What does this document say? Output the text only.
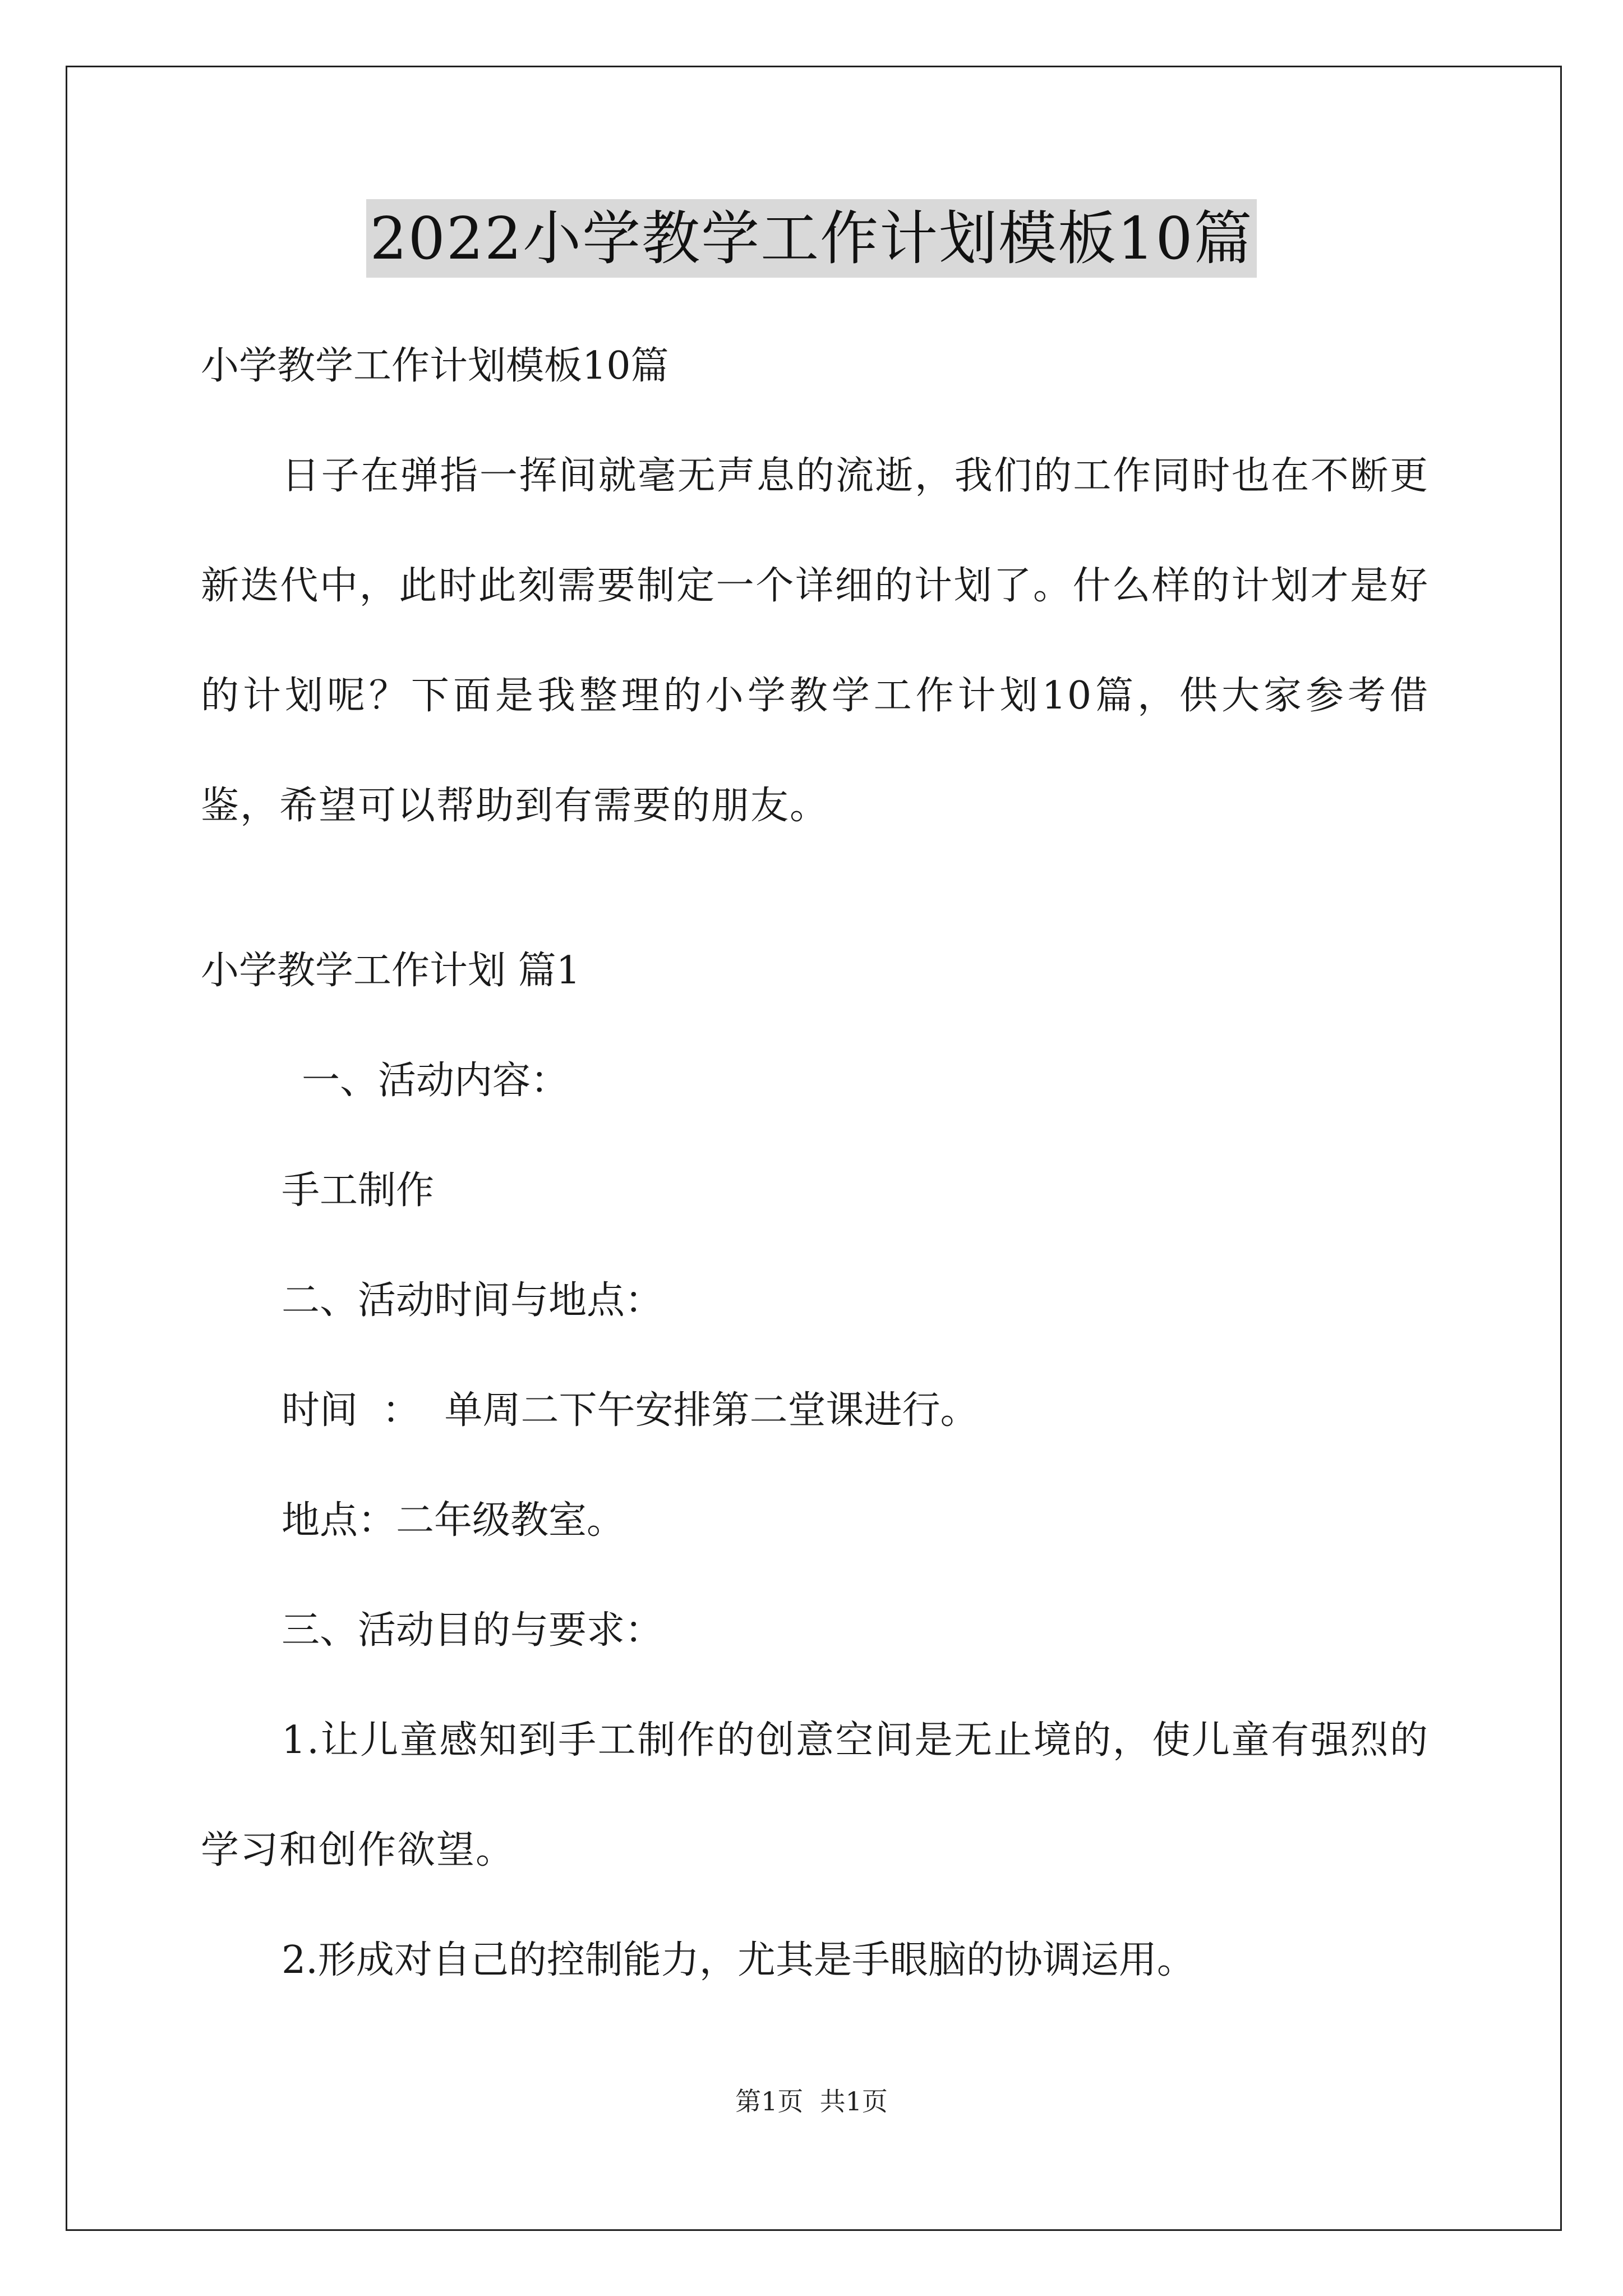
2022小学教学工作计划模板10篇
小学教学工作计划模板10篇
日子在弹指一挥间就毫无声息的流逝，我们的工作同时也在不断更新迭代中，此时此刻需要制定一个详细的计划了。什么样的计划才是好的计划呢？下面是我整理的小学教学工作计划10篇，供大家参考借鉴，希望可以帮助到有需要的朋友。
小学教学工作计划 篇1
一、活动内容：
手工制作
二、活动时间与地点：
时间  ：  单周二下午安排第二堂课进行。
地点：二年级教室。
三、活动目的与要求：
1.让儿童感知到手工制作的创意空间是无止境的，使儿童有强烈的学习和创作欲望。
2.形成对自己的控制能力，尤其是手眼脑的协调运用。
第1页  共1页
